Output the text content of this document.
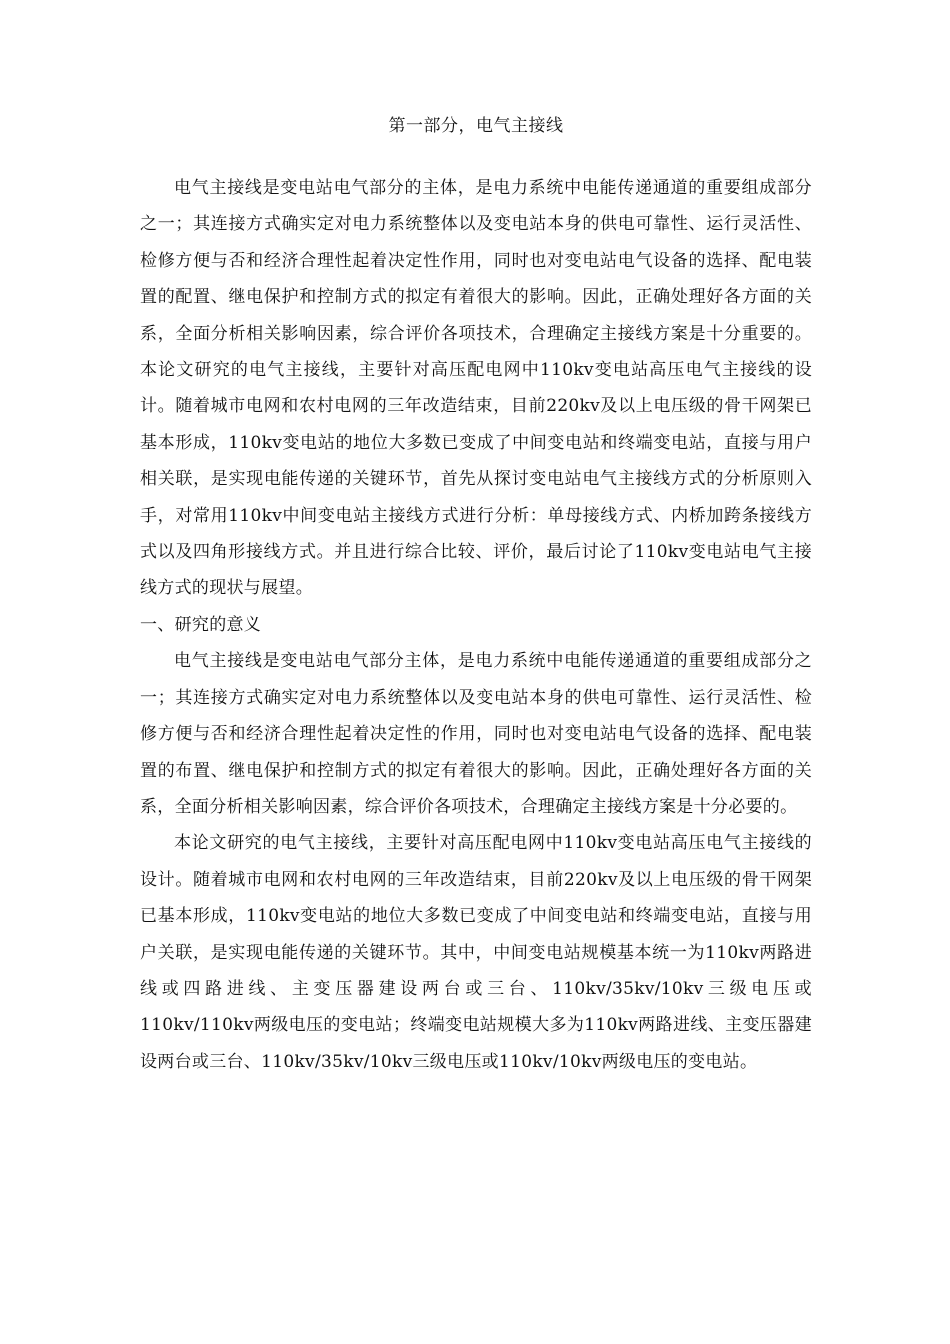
第一部分，电气主接线

电气主接线是变电站电气部分的主体，是电力系统中电能传递通道的重要组成部分之一；其连接方式确实定对电力系统整体以及变电站本身的供电可靠性、运行灵活性、检修方便与否和经济合理性起着决定性作用，同时也对变电站电气设备的选择、配电装置的配置、继电保护和控制方式的拟定有着很大的影响。因此，正确处理好各方面的关系，全面分析相关影响因素，综合评价各项技术，合理确定主接线方案是十分重要的。本论文研究的电气主接线，主要针对高压配电网中110kv变电站高压电气主接线的设计。随着城市电网和农村电网的三年改造结束，目前220kv及以上电压级的骨干网架已基本形成，110kv变电站的地位大多数已变成了中间变电站和终端变电站，直接与用户相关联，是实现电能传递的关键环节，首先从探讨变电站电气主接线方式的分析原则入手，对常用110kv中间变电站主接线方式进行分析：单母接线方式、内桥加跨条接线方式以及四角形接线方式。并且进行综合比较、评价，最后讨论了110kv变电站电气主接线方式的现状与展望。

一、研究的意义

电气主接线是变电站电气部分主体，是电力系统中电能传递通道的重要组成部分之一；其连接方式确实定对电力系统整体以及变电站本身的供电可靠性、运行灵活性、检修方便与否和经济合理性起着决定性的作用，同时也对变电站电气设备的选择、配电装置的布置、继电保护和控制方式的拟定有着很大的影响。因此，正确处理好各方面的关系，全面分析相关影响因素，综合评价各项技术，合理确定主接线方案是十分必要的。

本论文研究的电气主接线，主要针对高压配电网中110kv变电站高压电气主接线的设计。随着城市电网和农村电网的三年改造结束，目前220kv及以上电压级的骨干网架已基本形成，110kv变电站的地位大多数已变成了中间变电站和终端变电站，直接与用户关联，是实现电能传递的关键环节。其中，中间变电站规模基本统一为110kv两路进线或四路进线、主变压器建设两台或三台、110kv/35kv/10kv三级电压或110kv/110kv两级电压的变电站；终端变电站规模大多为110kv两路进线、主变压器建设两台或三台、110kv/35kv/10kv三级电压或110kv/10kv两级电压的变电站。
